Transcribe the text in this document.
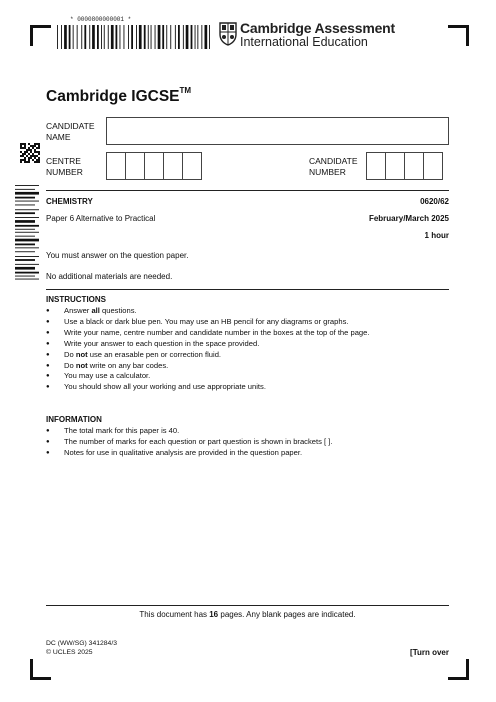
* 0000800000001 *
Cambridge Assessment
International Education
Cambridge IGCSE™
CANDIDATE
NAME
CENTRE
NUMBER
CANDIDATE
NUMBER
CHEMISTRY	0620/62
Paper 6 Alternative to Practical	February/March 2025
1 hour
You must answer on the question paper.
No additional materials are needed.
INSTRUCTIONS
● Answer all questions.
● Use a black or dark blue pen. You may use an HB pencil for any diagrams or graphs.
● Write your name, centre number and candidate number in the boxes at the top of the page.
● Write your answer to each question in the space provided.
● Do not use an erasable pen or correction fluid.
● Do not write on any bar codes.
● You may use a calculator.
● You should show all your working and use appropriate units.
INFORMATION
● The total mark for this paper is 40.
● The number of marks for each question or part question is shown in brackets [ ].
● Notes for use in qualitative analysis are provided in the question paper.
This document has 16 pages. Any blank pages are indicated.
DC (WW/SG) 341284/3
© UCLES 2025	[Turn over
